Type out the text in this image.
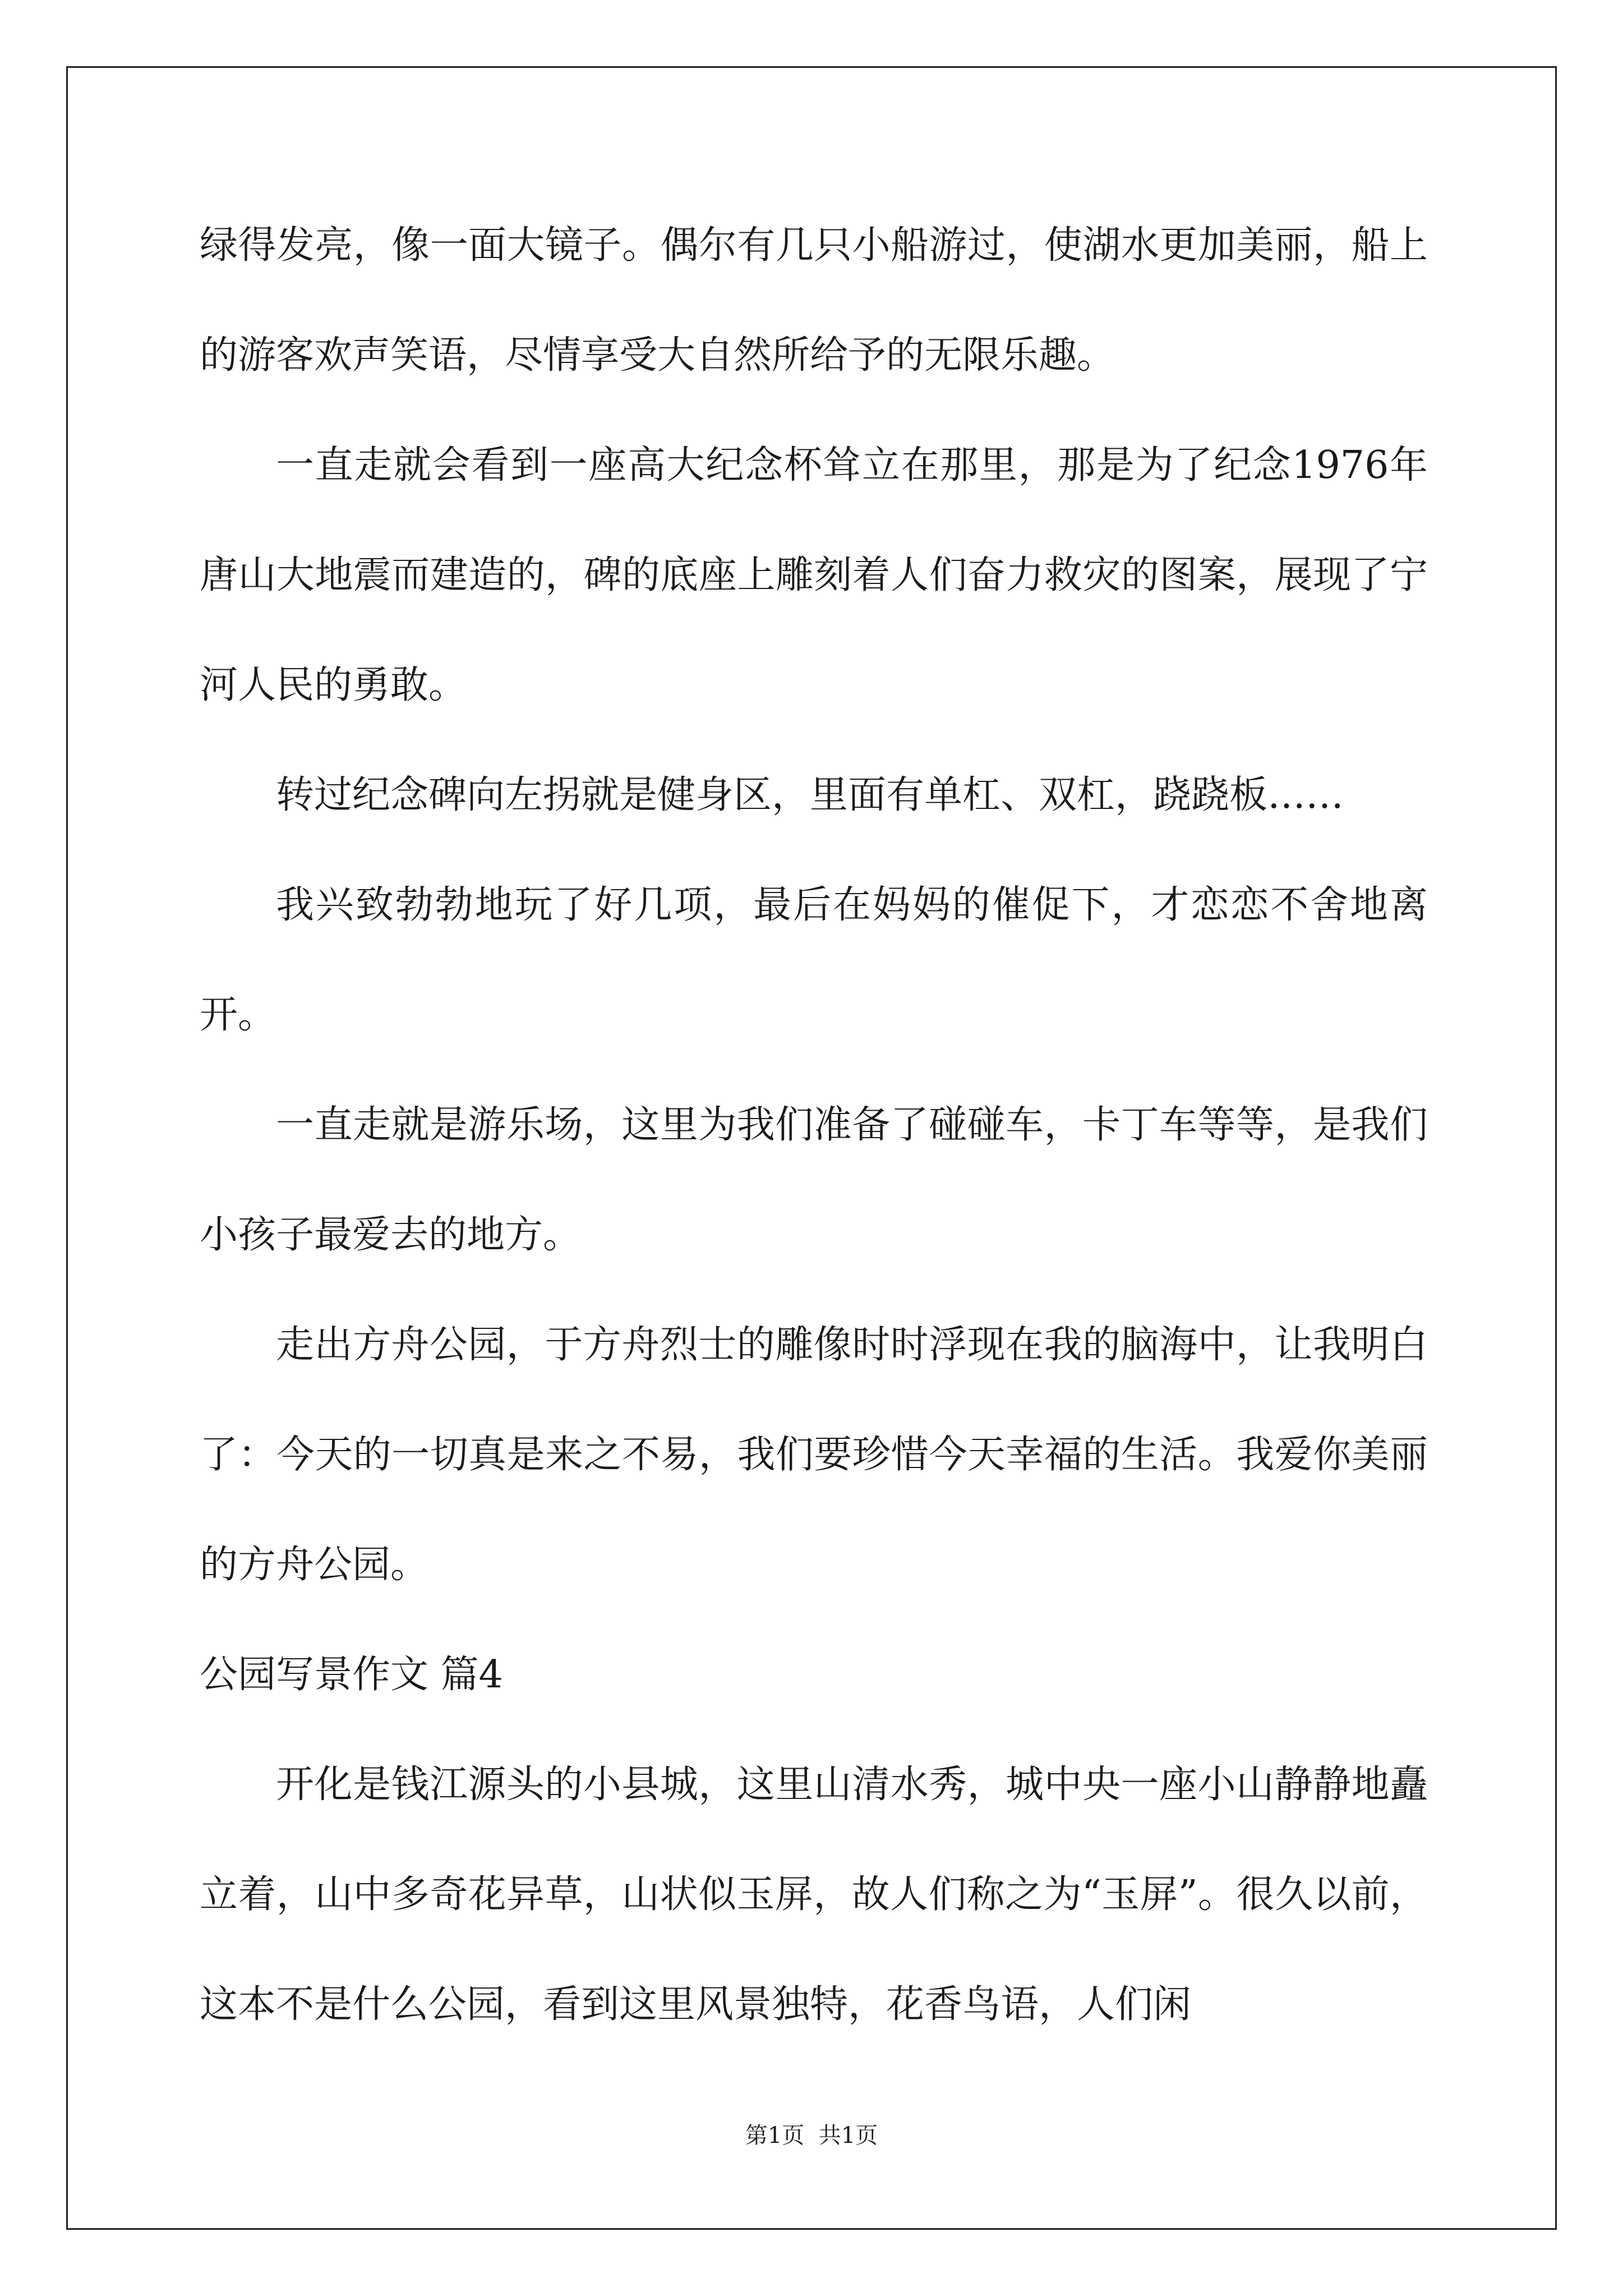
绿得发亮，像一面大镜子。偶尔有几只小船游过，使湖水更加美丽，船上的游客欢声笑语，尽情享受大自然所给予的无限乐趣。

一直走就会看到一座高大纪念杯耸立在那里，那是为了纪念1976年唐山大地震而建造的，碑的底座上雕刻着人们奋力救灾的图案，展现了宁河人民的勇敢。

转过纪念碑向左拐就是健身区，里面有单杠、双杠，跷跷板……

我兴致勃勃地玩了好几项，最后在妈妈的催促下，才恋恋不舍地离开。

一直走就是游乐场，这里为我们准备了碰碰车，卡丁车等等，是我们小孩子最爱去的地方。

走出方舟公园，于方舟烈士的雕像时时浮现在我的脑海中，让我明白了：今天的一切真是来之不易，我们要珍惜今天幸福的生活。我爱你美丽的方舟公园。

公园写景作文 篇4

开化是钱江源头的小县城，这里山清水秀，城中央一座小山静静地矗立着，山中多奇花异草，山状似玉屏，故人们称之为“玉屏”。很久以前，这本不是什么公园，看到这里风景独特，花香鸟语，人们闲

第1页  共1页
